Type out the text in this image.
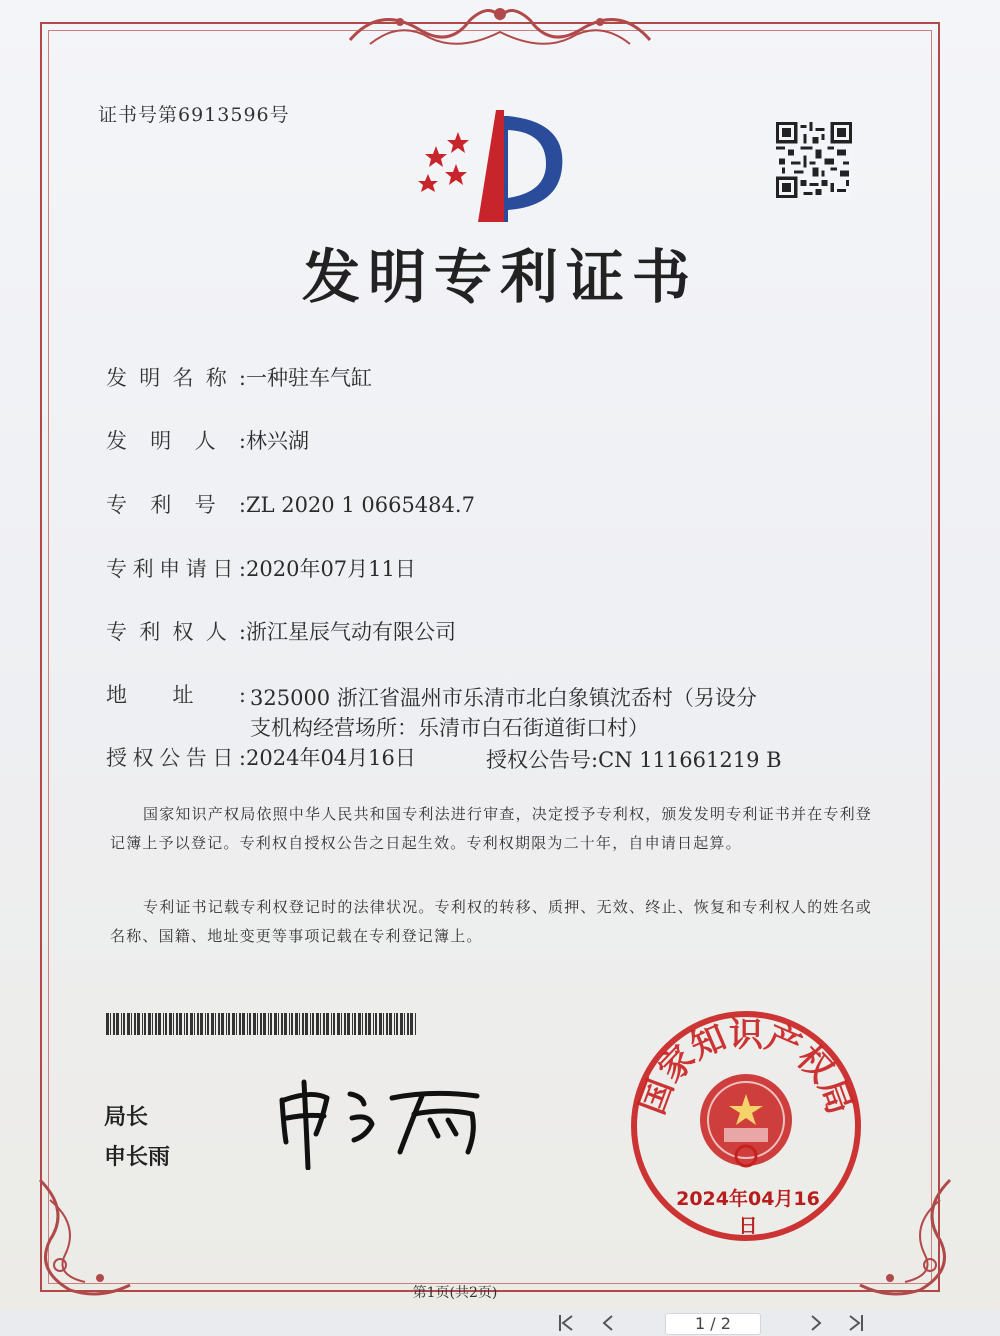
证书号第6913596号
发明专利证书
发明名称:一种驻车气缸
发明人:林兴湖
专利号:ZL 2020 1 0665484.7
专利申请日:2020年07月11日
专利权人:浙江星辰气动有限公司
地址: 325000 浙江省温州市乐清市北白象镇沈岙村（另设分
支机构经营场所：乐清市白石街道街口村）
授权公告日:2024年04月16日	授权公告号:CN 111661219 B
国家知识产权局依照中华人民共和国专利法进行审查，决定授予专利权，颁发发明专利证书并在专利登记簿上予以登记。专利权自授权公告之日起生效。专利权期限为二十年，自申请日起算。
专利证书记载专利权登记时的法律状况。专利权的转移、质押、无效、终止、恢复和专利权人的姓名或名称、国籍、地址变更等事项记载在专利登记簿上。
局长
申长雨
国家知识产权局
2024年04月16日
第1页(共2页)
1 / 2
